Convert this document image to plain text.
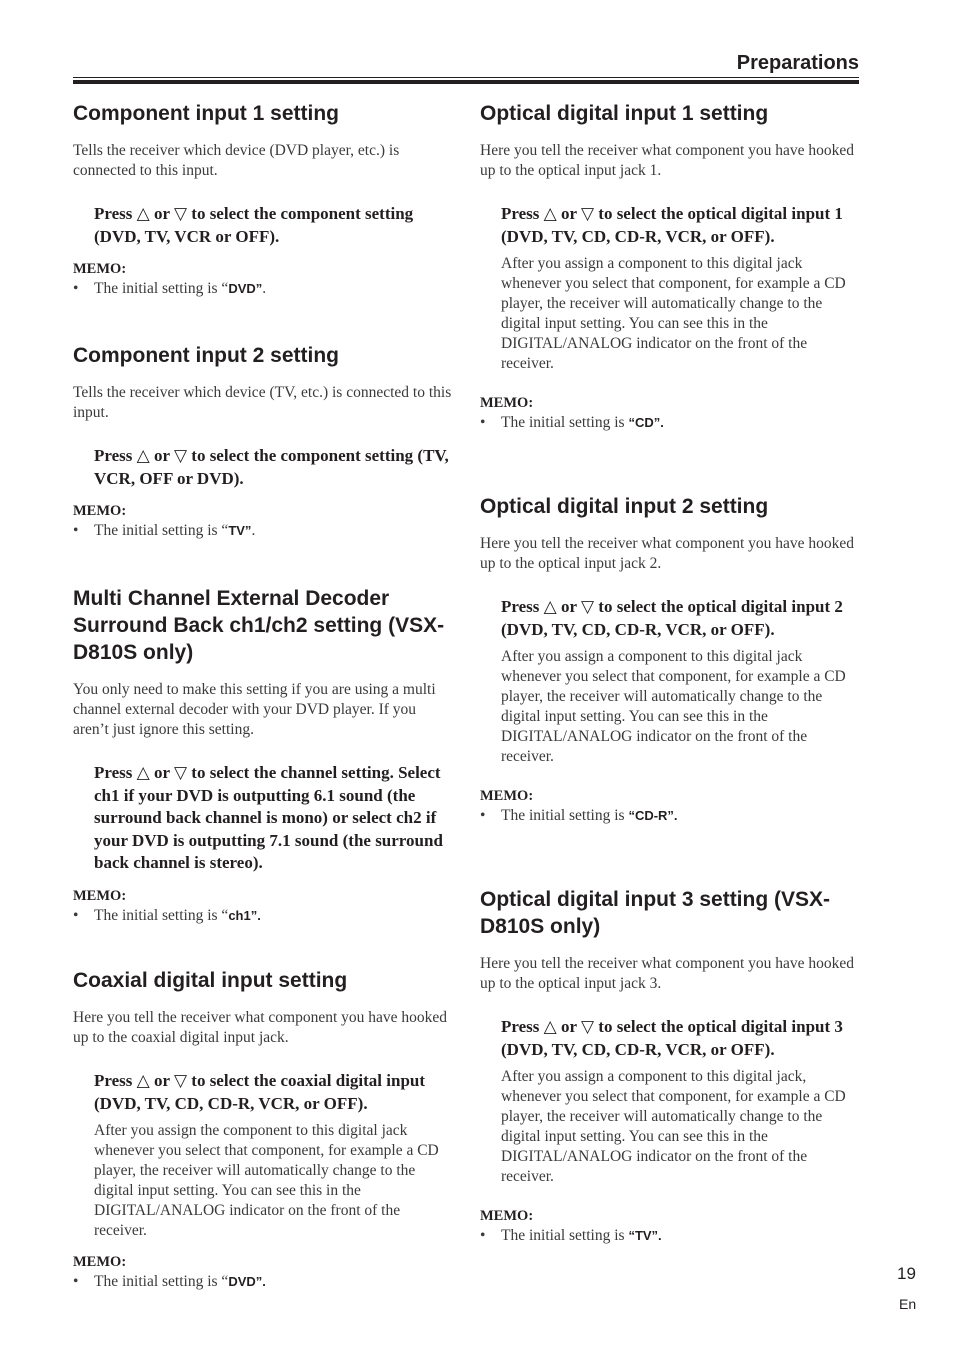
Preparations
Component input 1 setting

Tells the receiver which device (DVD player, etc.) is connected to this input.

Press △ or ▽ to select the component setting (DVD, TV, VCR or OFF).
MEMO:
• The initial setting is “DVD”.
Component input 2 setting

Tells the receiver which device (TV, etc.) is connected to this input.

Press △ or ▽ to select the component setting (TV, VCR, OFF or DVD).
MEMO:
• The initial setting is “TV”.
Multi Channel External Decoder Surround Back ch1/ch2 setting (VSX-D810S only)

You only need to make this setting if you are using a multi channel external decoder with your DVD player. If you aren’t just ignore this setting.

Press △ or ▽ to select the channel setting. Select ch1 if your DVD is outputting 6.1 sound (the surround back channel is mono) or select ch2 if your DVD is outputting 7.1 sound (the surround back channel is stereo).
MEMO:
• The initial setting is “ch1”.
Coaxial digital input setting

Here you tell the receiver what component you have hooked up to the coaxial digital input jack.

Press △ or ▽ to select the coaxial digital input (DVD, TV, CD, CD-R, VCR, or OFF).
After you assign the component to this digital jack whenever you select that component, for example a CD player, the receiver will automatically change to the digital input setting. You can see this in the DIGITAL/ANALOG indicator on the front of the receiver.
MEMO:
• The initial setting is “DVD”.
Optical digital input 1 setting

Here you tell the receiver what component you have hooked up to the optical input jack 1.

Press △ or ▽ to select the optical digital input 1 (DVD, TV, CD, CD-R, VCR, or OFF).
After you assign a component to this digital jack whenever you select that component, for example a CD player, the receiver will automatically change to the digital input setting. You can see this in the DIGITAL/ANALOG indicator on the front of the receiver.
MEMO:
• The initial setting is “CD”.
Optical digital input 2 setting

Here you tell the receiver what component you have hooked up to the optical input jack 2.

Press △ or ▽ to select the optical digital input 2 (DVD, TV, CD, CD-R, VCR, or OFF).
After you assign a component to this digital jack whenever you select that component, for example a CD player, the receiver will automatically change to the digital input setting. You can see this in the DIGITAL/ANALOG indicator on the front of the receiver.
MEMO:
• The initial setting is “CD-R”.
Optical digital input 3 setting (VSX-D810S only)

Here you tell the receiver what component you have hooked up to the optical input jack 3.

Press △ or ▽ to select the optical digital input 3 (DVD, TV, CD, CD-R, VCR, or OFF).
After you assign a component to this digital jack, whenever you select that component, for example a CD player, the receiver will automatically change to the digital input setting. You can see this in the DIGITAL/ANALOG indicator on the front of the receiver.
MEMO:
• The initial setting is “TV”.
19
En
